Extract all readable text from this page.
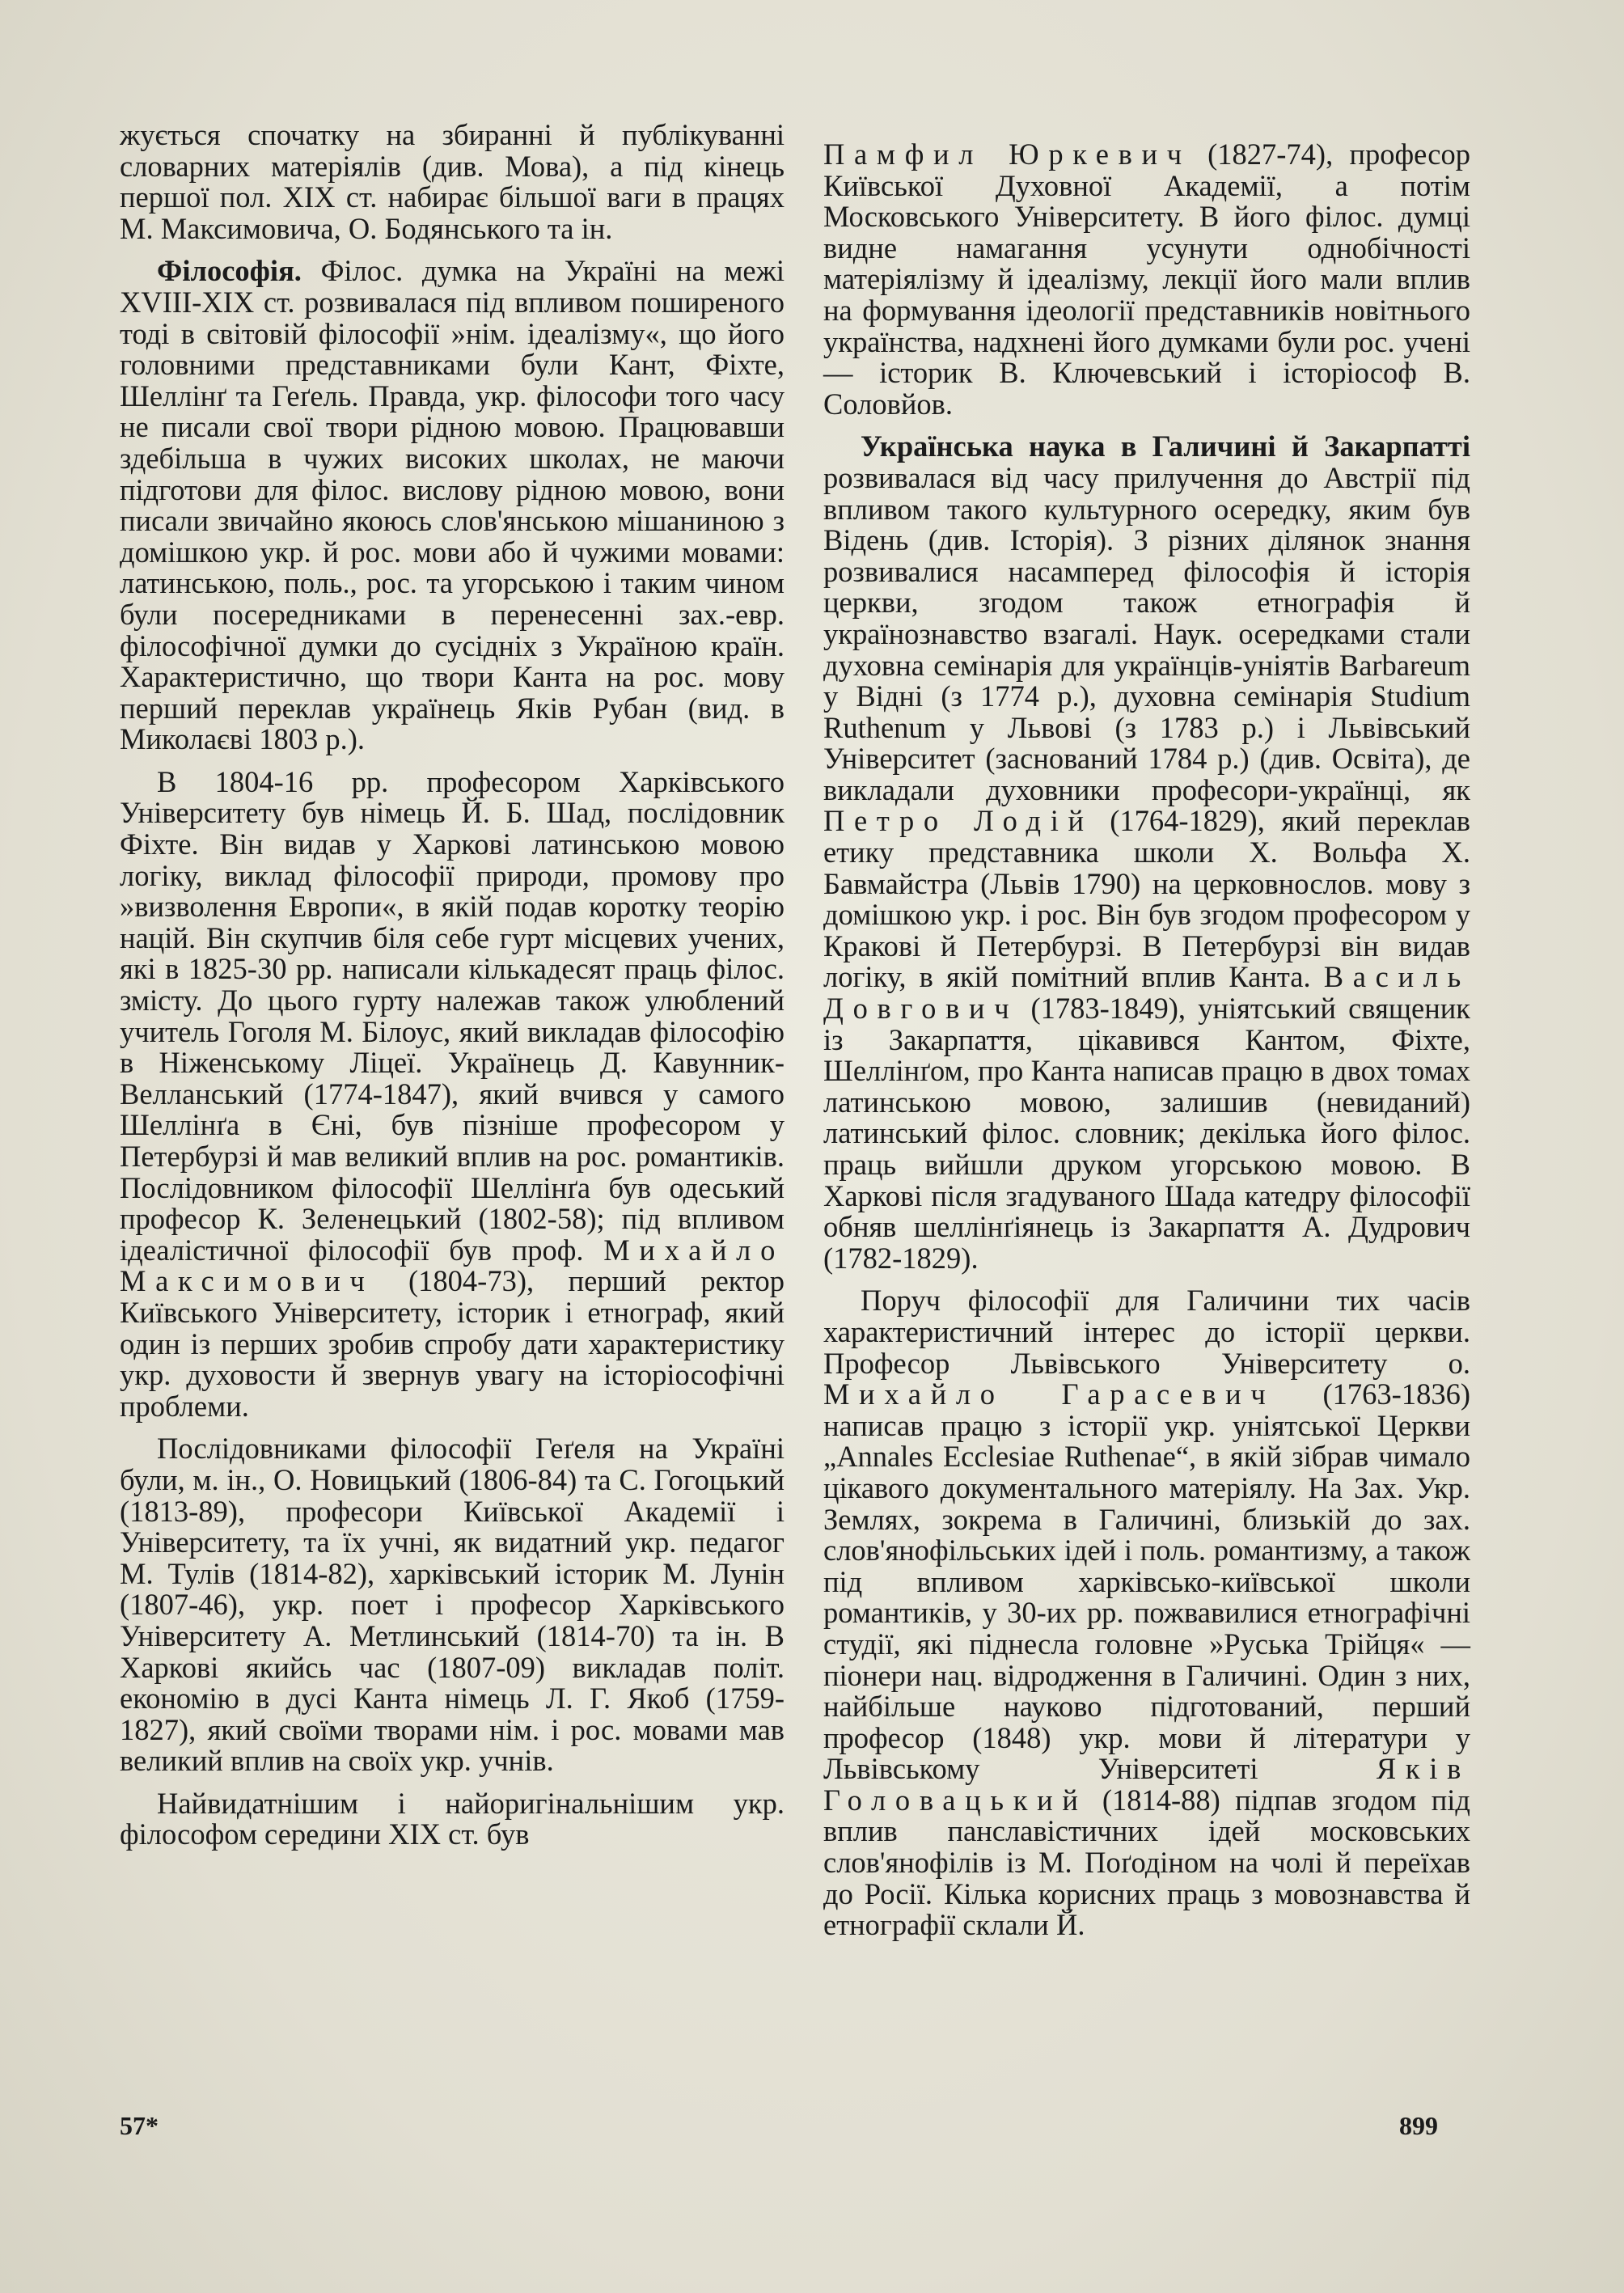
жується спочатку на збиранні й публікуванні словарних матеріялів (див. Мова), а під кінець першої пол. XIX ст. набирає більшої ваги в працях М. Максимовича, О. Бодянського та ін.

Філософія. Філос. думка на Україні на межі XVIII-XIX ст. розвивалася під впливом поширеного тоді в світовій філософії »нім. ідеалізму«, що його головними представниками були Кант, Фіхте, Шеллінґ та Геґель. Правда, укр. філософи того часу не писали свої твори рідною мовою. Працювавши здебільша в чужих високих школах, не маючи підготови для філос. вислову рідною мовою, вони писали звичайно якоюсь слов'янською мішаниною з домішкою укр. й рос. мови або й чужими мовами: латинською, поль., рос. та угорською і таким чином були посередниками в перенесенні зах.-евр. філософічної думки до сусідніх з Україною країн. Характеристично, що твори Канта на рос. мову перший переклав українець Яків Рубан (вид. в Миколаєві 1803 р.).

В 1804-16 рр. професором Харківського Університету був німець Й. Б. Шад, послідовник Фіхте. Він видав у Харкові латинською мовою логіку, виклад філософії природи, промову про »визволення Европи«, в якій подав коротку теорію націй. Він скупчив біля себе гурт місцевих учених, які в 1825-30 рр. написали кількадесят праць філос. змісту. До цього гурту належав також улюблений учитель Гоголя М. Білоус, який викладав філософію в Ніженському Ліцеї. Українець Д. Кавунник-Велланський (1774-1847), який вчився у самого Шеллінґа в Єні, був пізніше професором у Петербурзі й мав великий вплив на рос. романтиків. Послідовником філософії Шеллінґа був одеський професор К. Зеленецький (1802-58); під впливом ідеалістичної філософії був проф. Михайло Максимович (1804-73), перший ректор Київського Університету, історик і етнограф, який один із перших зробив спробу дати характеристику укр. духовости й звернув увагу на історіософічні проблеми.

Послідовниками філософії Геґеля на Україні були, м. ін., О. Новицький (1806-84) та С. Гогоцький (1813-89), професори Київської Академії і Університету, та їх учні, як видатний укр. педагог М. Тулів (1814-82), харківський історик М. Лунін (1807-46), укр. поет і професор Харківського Університету А. Метлинський (1814-70) та ін. В Харкові якийсь час (1807-09) викладав політ. економію в дусі Канта німець Л. Г. Якоб (1759-1827), який своїми творами нім. і рос. мовами мав великий вплив на своїх укр. учнів.

Найвидатнішим і найоригінальнішим укр. філософом середини XIX ст. був

Памфил Юркевич (1827-74), професор Київської Духовної Академії, а потім Московського Університету. В його філос. думці видне намагання усунути однобічності матеріялізму й ідеалізму, лекції його мали вплив на формування ідеології представників новітнього українства, надхнені його думками були рос. учені — історик В. Ключевський і історіософ В. Соловйов.

Українська наука в Галичині й Закарпатті розвивалася від часу прилучення до Австрії під впливом такого культурного осередку, яким був Відень (див. Історія). З різних ділянок знання розвивалися насамперед філософія й історія церкви, згодом також етнографія й українознавство взагалі. Наук. осередками стали духовна семінарія для українців-уніятів Barbareum у Відні (з 1774 р.), духовна семінарія Studium Ruthenum у Львові (з 1783 р.) і Львівський Університет (заснований 1784 р.) (див. Освіта), де викладали духовники професори-українці, як Петро Лодій (1764-1829), який переклав етику представника школи Х. Вольфа Х. Бавмайстра (Львів 1790) на церковнослов. мову з домішкою укр. і рос. Він був згодом професором у Кракові й Петербурзі. В Петербурзі він видав логіку, в якій помітний вплив Канта. Василь Довгович (1783-1849), уніятський священик із Закарпаття, цікавився Кантом, Фіхте, Шеллінґом, про Канта написав працю в двох томах латинською мовою, залишив (невиданий) латинський філос. словник; декілька його філос. праць вийшли друком угорською мовою. В Харкові після згадуваного Шада катедру філософії обняв шеллінґіянець із Закарпаття А. Дудрович (1782-1829).

Поруч філософії для Галичини тих часів характеристичний інтерес до історії церкви. Професор Львівського Університету о. Михайло Гарасевич (1763-1836) написав працю з історії укр. уніятської Церкви „Annales Ecclesiae Ruthenae“, в якій зібрав чимало цікавого документального матеріялу. На Зах. Укр. Землях, зокрема в Галичині, близькій до зах. слов'янофільських ідей і поль. романтизму, а також під впливом харківсько-київської школи романтиків, у 30-их рр. пожвавилися етнографічні студії, які піднесла головне »Руська Трійця« — піонери нац. відродження в Галичині. Один з них, найбільше науково підготований, перший професор (1848) укр. мови й літератури у Львівському Університеті	Яків Головацький (1814-88) підпав згодом під вплив панславістичних ідей московських слов'янофілів із М. Поґодіном на чолі й переїхав до Росії. Кілька корисних праць з мовознавства й етнографії склали Й.

57*	899
